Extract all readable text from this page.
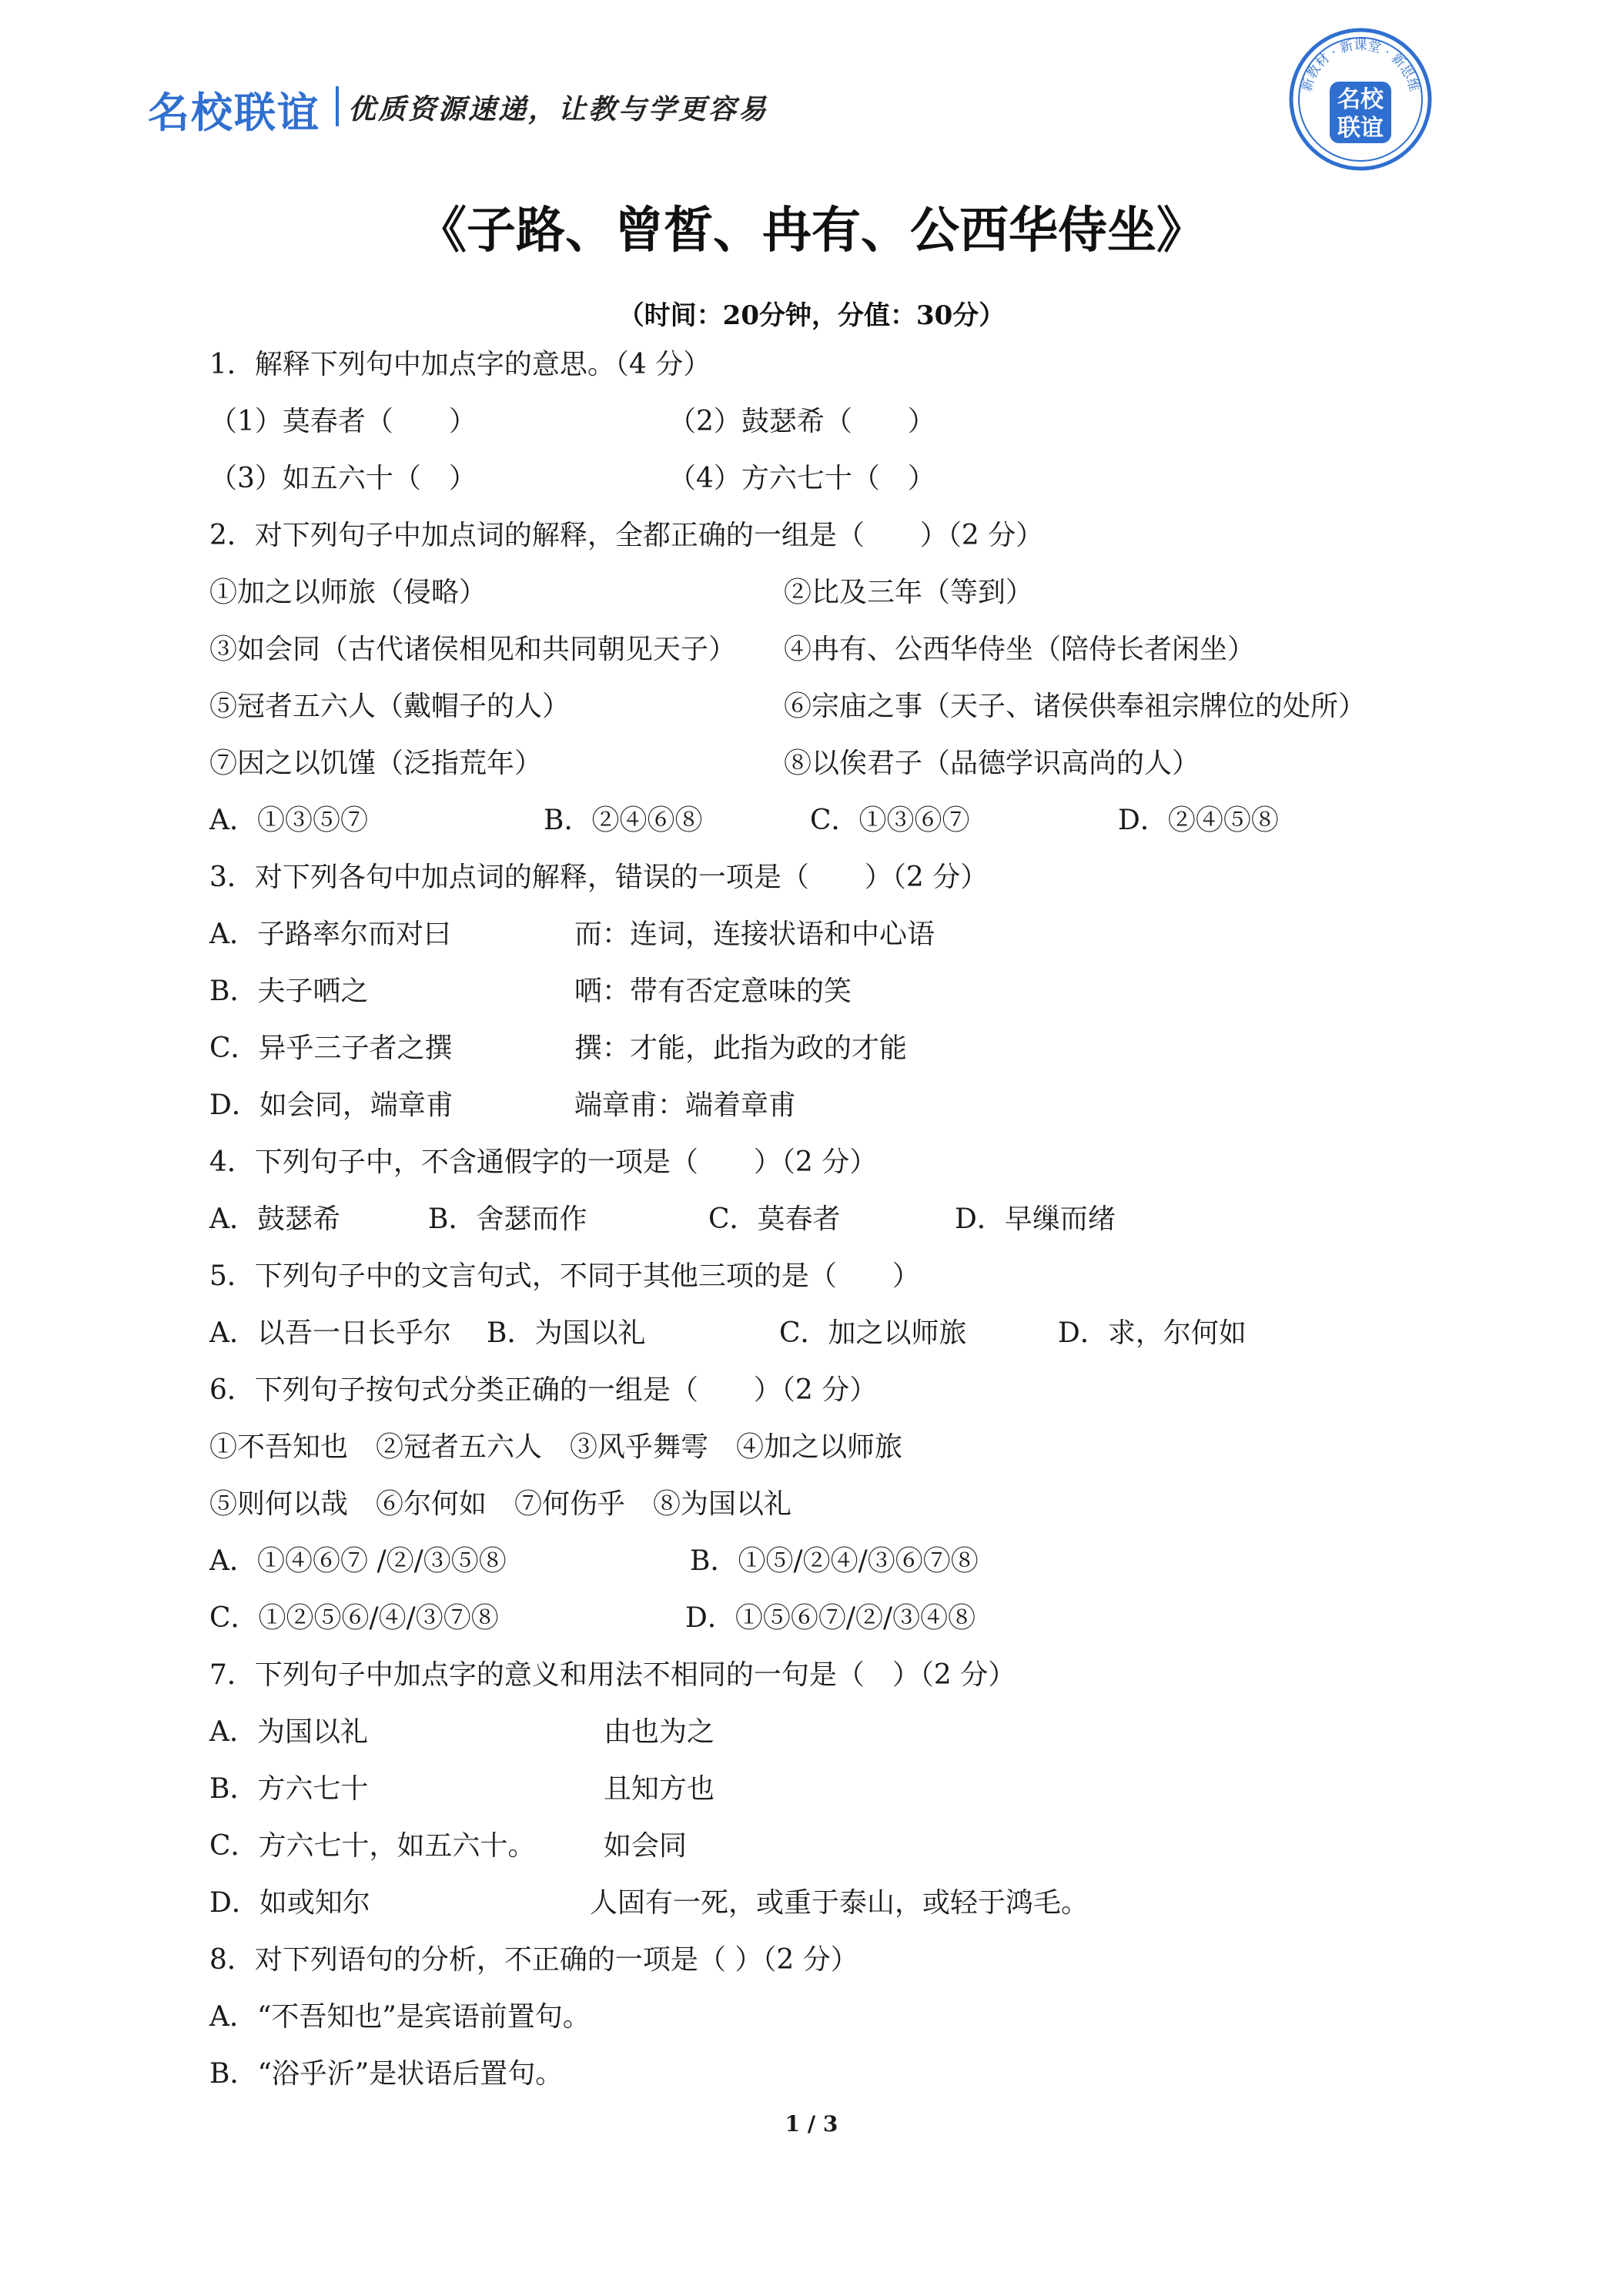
名校联谊 优质资源速递，让教与学更容易
新教材 · 新课堂 · 新思维
名校
联谊
《子路、曾皙、冉有、公西华侍坐》
（时间：20分钟，分值：30分）
1．解释下列句中加点字的意思。（4 分）
（1）莫春者（　　）	（2）鼓瑟希（　　）
（3）如五六十（　）	（4）方六七十（　）
2．对下列句子中加点词的解释，全都正确的一组是（　　）（2 分）
①加之以师旅（侵略）	②比及三年（等到）
③如会同（古代诸侯相见和共同朝见天子） ④冉有、公西华侍坐（陪侍长者闲坐）
⑤冠者五六人（戴帽子的人）	⑥宗庙之事（天子、诸侯供奉祖宗牌位的处所）
⑦因之以饥馑（泛指荒年）	⑧以俟君子（品德学识高尚的人）
A．①③⑤⑦	B．②④⑥⑧	C．①③⑥⑦	D．②④⑤⑧
3．对下列各句中加点词的解释，错误的一项是（　　）（2 分）
A．子路率尔而对曰	而：连词，连接状语和中心语
B．夫子哂之	哂：带有否定意味的笑
C．异乎三子者之撰	撰：才能，此指为政的才能
D．如会同，端章甫	端章甫：端着章甫
4．下列句子中，不含通假字的一项是（　　）（2 分）
A．鼓瑟希	B．舍瑟而作	C．莫春者	D．早缫而绪
5．下列句子中的文言句式，不同于其他三项的是（　　）
A．以吾一日长乎尔 B．为国以礼	C．加之以师旅	D．求，尔何如
6．下列句子按句式分类正确的一组是（　　）（2 分）
①不吾知也　②冠者五六人　③风乎舞雩　④加之以师旅
⑤则何以哉　⑥尔何如　⑦何伤乎　⑧为国以礼
A．①④⑥⑦ /②/③⑤⑧	B．①⑤/②④/③⑥⑦⑧
C．①②⑤⑥/④/③⑦⑧	D．①⑤⑥⑦/②/③④⑧
7．下列句子中加点字的意义和用法不相同的一句是（　）（2 分）
A．为国以礼	由也为之
B．方六七十	且知方也
C．方六七十，如五六十。 如会同
D．如或知尔	人固有一死，或重于泰山，或轻于鸿毛。
8．对下列语句的分析，不正确的一项是（ ）（2 分）
A．“不吾知也”是宾语前置句。
B．“浴乎沂”是状语后置句。
1 / 3
